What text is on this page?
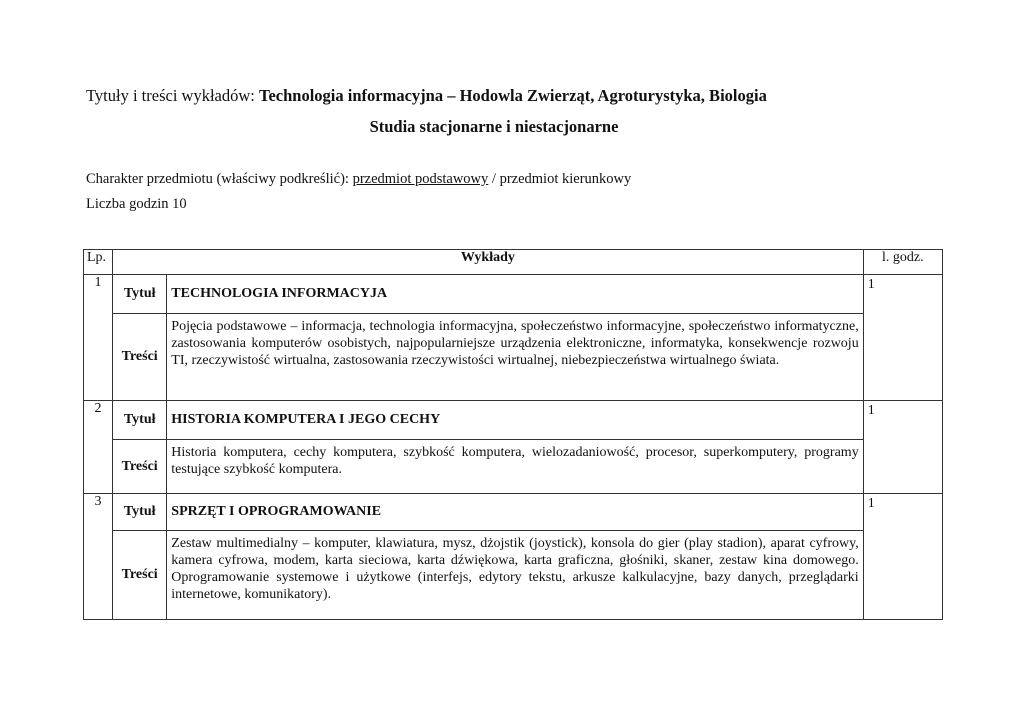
Tytuły i treści wykładów: Technologia informacyjna – Hodowla Zwierząt, Agroturystyka, Biologia
Studia stacjonarne i niestacjonarne
Charakter przedmiotu (właściwy podkreślić): przedmiot podstawowy / przedmiot kierunkowy
Liczba godzin 10
Lp.	Wykłady		l. godz.
1	Tytuł	TECHNOLOGIA INFORMACYJA	1
	Treści	Pojęcia podstawowe – informacja, technologia informacyjna, społeczeństwo informacyjne, społeczeństwo informatyczne, zastosowania komputerów osobistych, najpopularniejsze urządzenia elektroniczne, informatyka, konsekwencje rozwoju TI, rzeczywistość wirtualna, zastosowania rzeczywistości wirtualnej, niebezpieczeństwa wirtualnego świata.	
2	Tytuł	HISTORIA KOMPUTERA I JEGO CECHY	1
	Treści	Historia komputera, cechy komputera, szybkość komputera, wielozadaniowość, procesor, superkomputery, programy testujące szybkość komputera.	
3	Tytuł	SPRZĘT I OPROGRAMOWANIE	1
	Treści	Zestaw multimedialny – komputer, klawiatura, mysz, dżojstik (joystick), konsola do gier (play stadion), aparat cyfrowy, kamera cyfrowa, modem, karta sieciowa, karta dźwiękowa, karta graficzna, głośniki, skaner, zestaw kina domowego. Oprogramowanie systemowe i użytkowe (interfejs, edytory tekstu, arkusze kalkulacyjne, bazy danych, przeglądarki internetowe, komunikatory).	
